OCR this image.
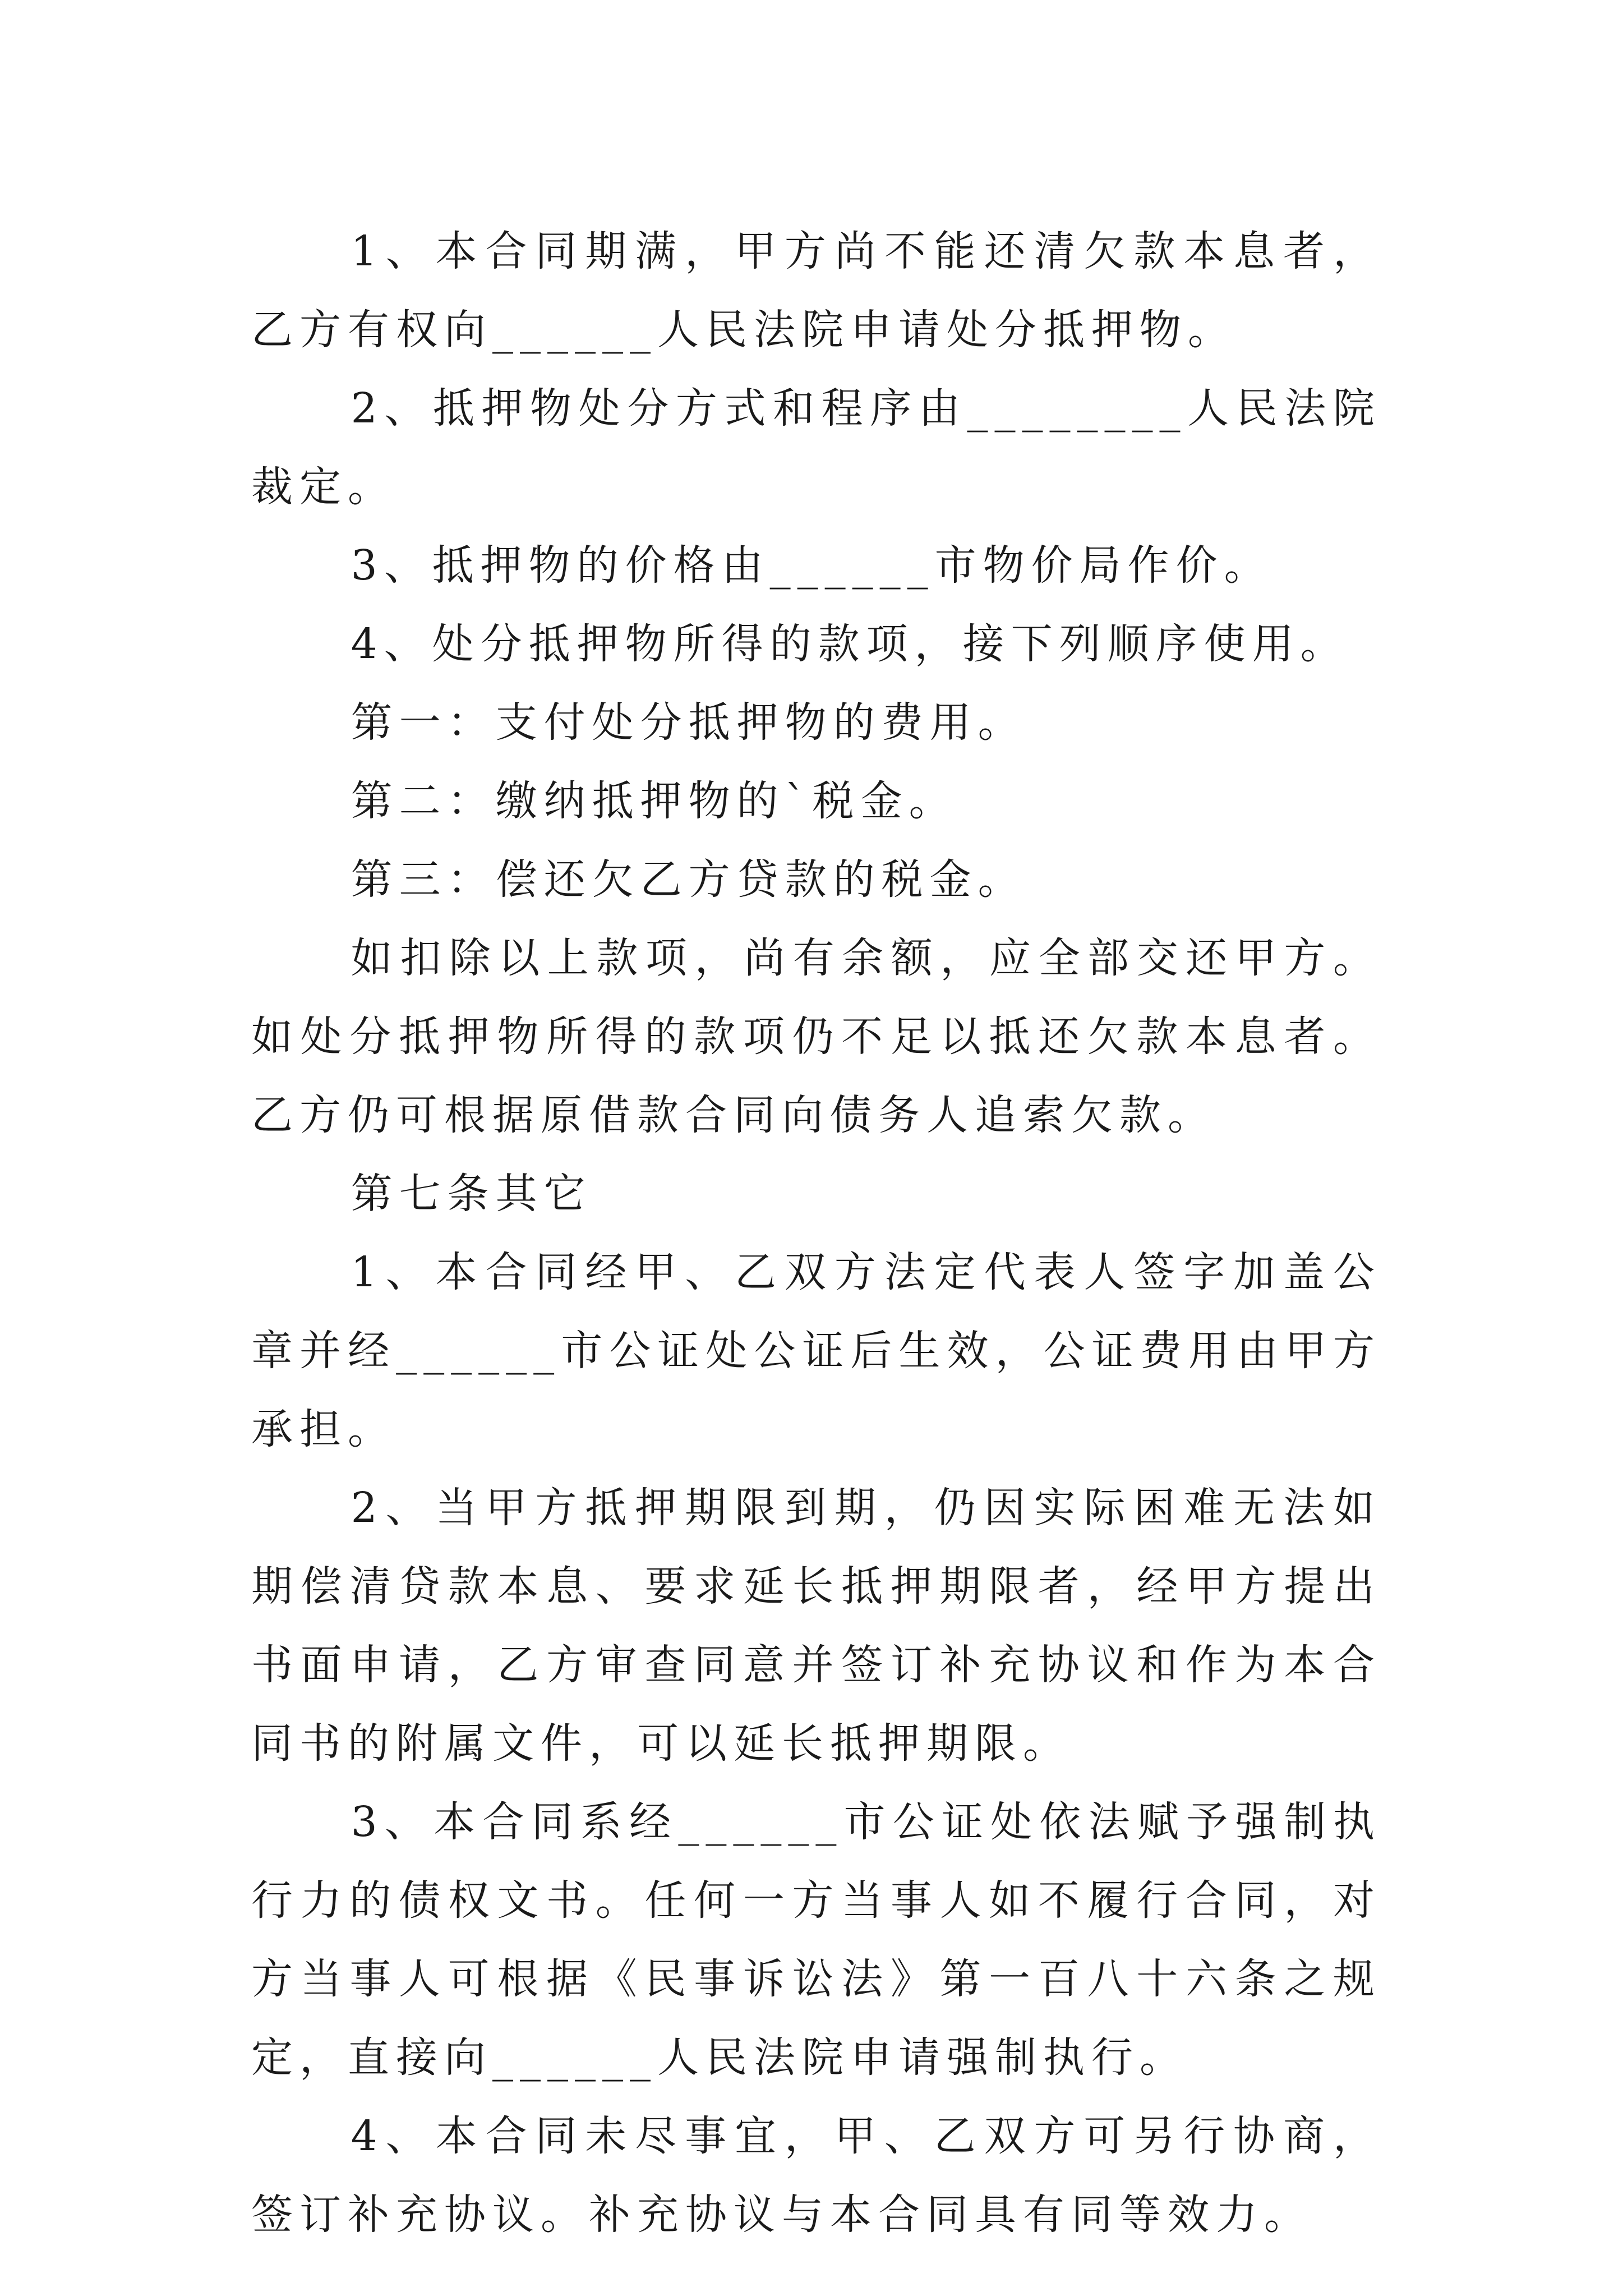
1、本合同期满，甲方尚不能还清欠款本息者，乙方有权向______人民法院申请处分抵押物。

2、抵押物处分方式和程序由________人民法院裁定。

3、抵押物的价格由______市物价局作价。

4、处分抵押物所得的款项，接下列顺序使用。

第一：支付处分抵押物的费用。

第二：缴纳抵押物的`税金。

第三：偿还欠乙方贷款的税金。

如扣除以上款项，尚有余额，应全部交还甲方。如处分抵押物所得的款项仍不足以抵还欠款本息者。乙方仍可根据原借款合同向债务人追索欠款。

第七条其它

1、本合同经甲、乙双方法定代表人签字加盖公章并经______市公证处公证后生效，公证费用由甲方承担。

2、当甲方抵押期限到期，仍因实际困难无法如期偿清贷款本息、要求延长抵押期限者，经甲方提出书面申请，乙方审查同意并签订补充协议和作为本合同书的附属文件，可以延长抵押期限。

3、本合同系经______市公证处依法赋予强制执行力的债权文书。任何一方当事人如不履行合同，对方当事人可根据《民事诉讼法》第一百八十六条之规定，直接向______人民法院申请强制执行。

4、本合同未尽事宜，甲、乙双方可另行协商，签订补充协议。补充协议与本合同具有同等效力。
